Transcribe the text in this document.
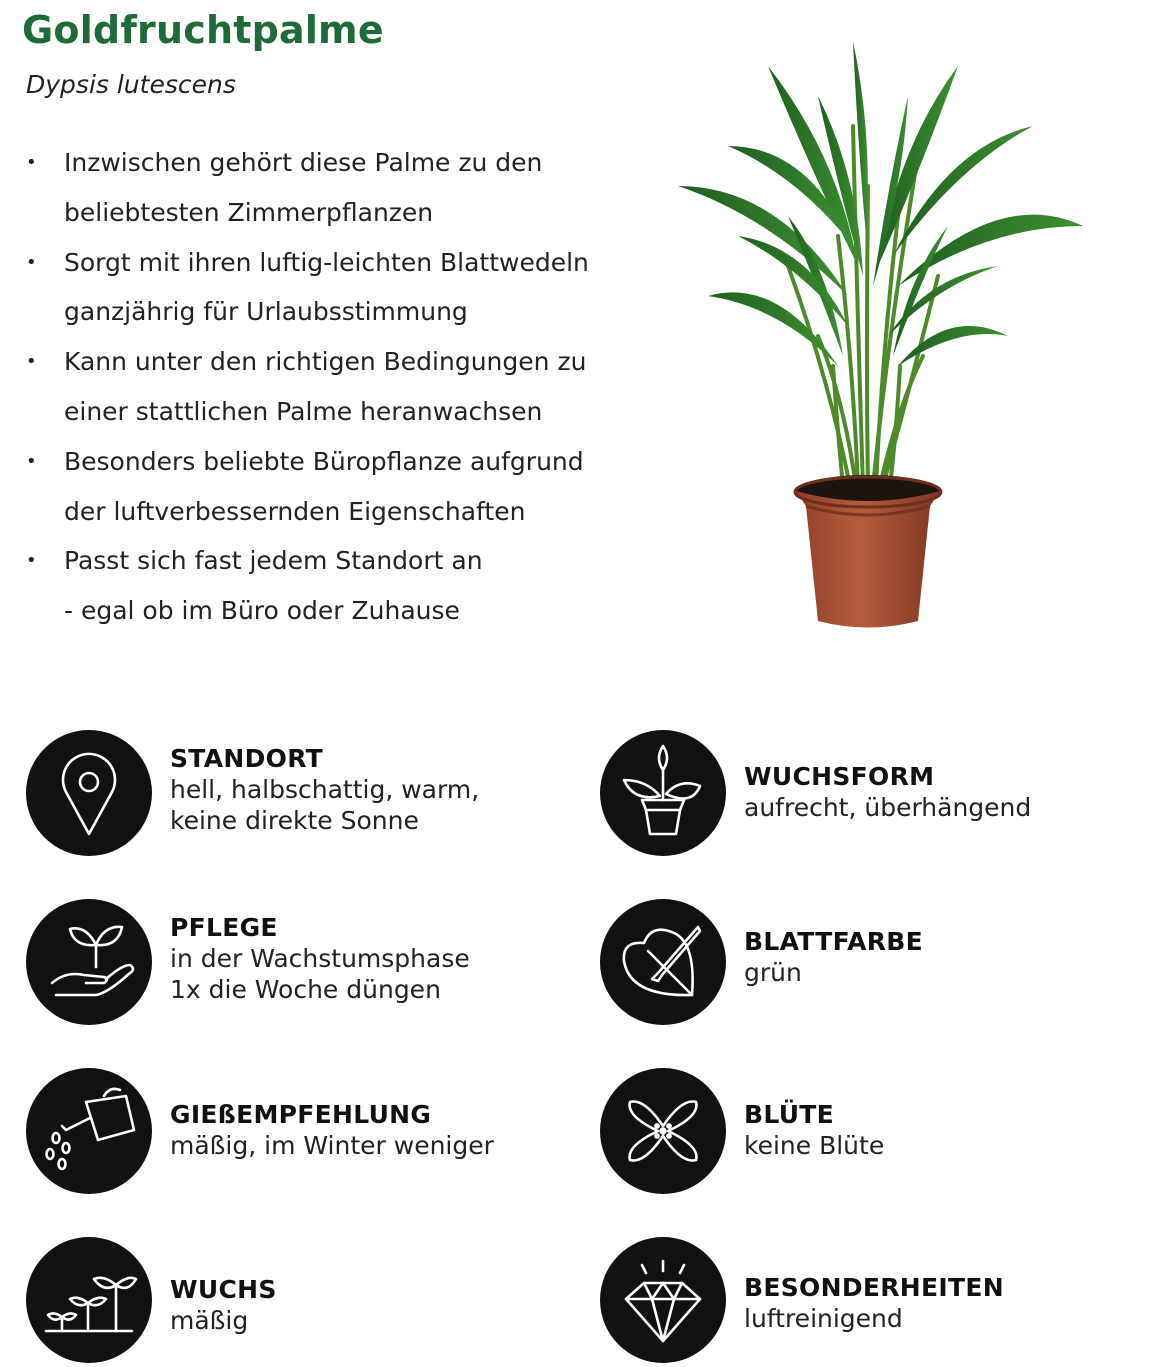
Goldfruchtpalme
Dypsis lutescens
• Inzwischen gehört diese Palme zu den
beliebtesten Zimmerpflanzen
• Sorgt mit ihren luftig-leichten Blattwedeln
ganzjährig für Urlaubsstimmung
• Kann unter den richtigen Bedingungen zu
einer stattlichen Palme heranwachsen
• Besonders beliebte Büropflanze aufgrund
der luftverbessernden Eigenschaften
• Passt sich fast jedem Standort an
- egal ob im Büro oder Zuhause
STANDORT
hell, halbschattig, warm,
keine direkte Sonne
WUCHSFORM
aufrecht, überhängend
PFLEGE
in der Wachstumsphase
1x die Woche düngen
BLATTFARBE
grün
GIEßEMPFEHLUNG
mäßig, im Winter weniger
BLÜTE
keine Blüte
WUCHS
mäßig
BESONDERHEITEN
luftreinigend
